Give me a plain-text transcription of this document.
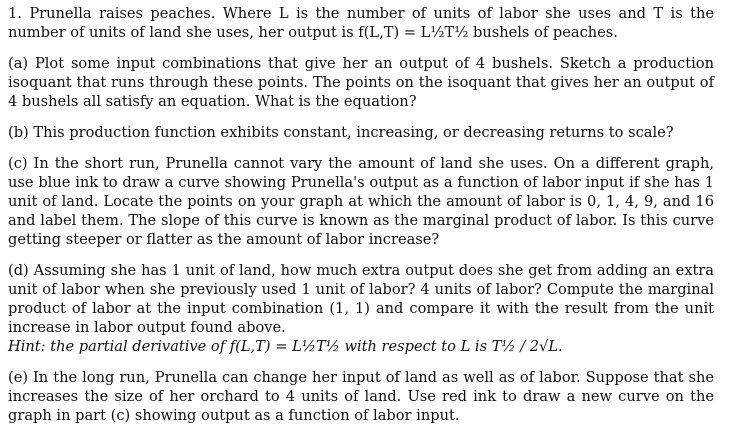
1. Prunella raises peaches. Where L is the number of units of labor she uses and T is the number of units of land she uses, her output is f(L,T) = L½T½ bushels of peaches.

(a) Plot some input combinations that give her an output of 4 bushels. Sketch a production isoquant that runs through these points. The points on the isoquant that gives her an output of 4 bushels all satisfy an equation. What is the equation?

(b) This production function exhibits constant, increasing, or decreasing returns to scale?

(c) In the short run, Prunella cannot vary the amount of land she uses. On a different graph, use blue ink to draw a curve showing Prunella's output as a function of labor input if she has 1 unit of land. Locate the points on your graph at which the amount of labor is 0, 1, 4, 9, and 16 and label them. The slope of this curve is known as the marginal product of labor. Is this curve getting steeper or flatter as the amount of labor increase?

(d) Assuming she has 1 unit of land, how much extra output does she get from adding an extra unit of labor when she previously used 1 unit of labor? 4 units of labor? Compute the marginal product of labor at the input combination (1, 1) and compare it with the result from the unit increase in labor output found above.

Hint: the partial derivative of f(L,T) = L½T½ with respect to L is T½ / 2√L.

(e) In the long run, Prunella can change her input of land as well as of labor. Suppose that she increases the size of her orchard to 4 units of land. Use red ink to draw a new curve on the graph in part (c) showing output as a function of labor input.
